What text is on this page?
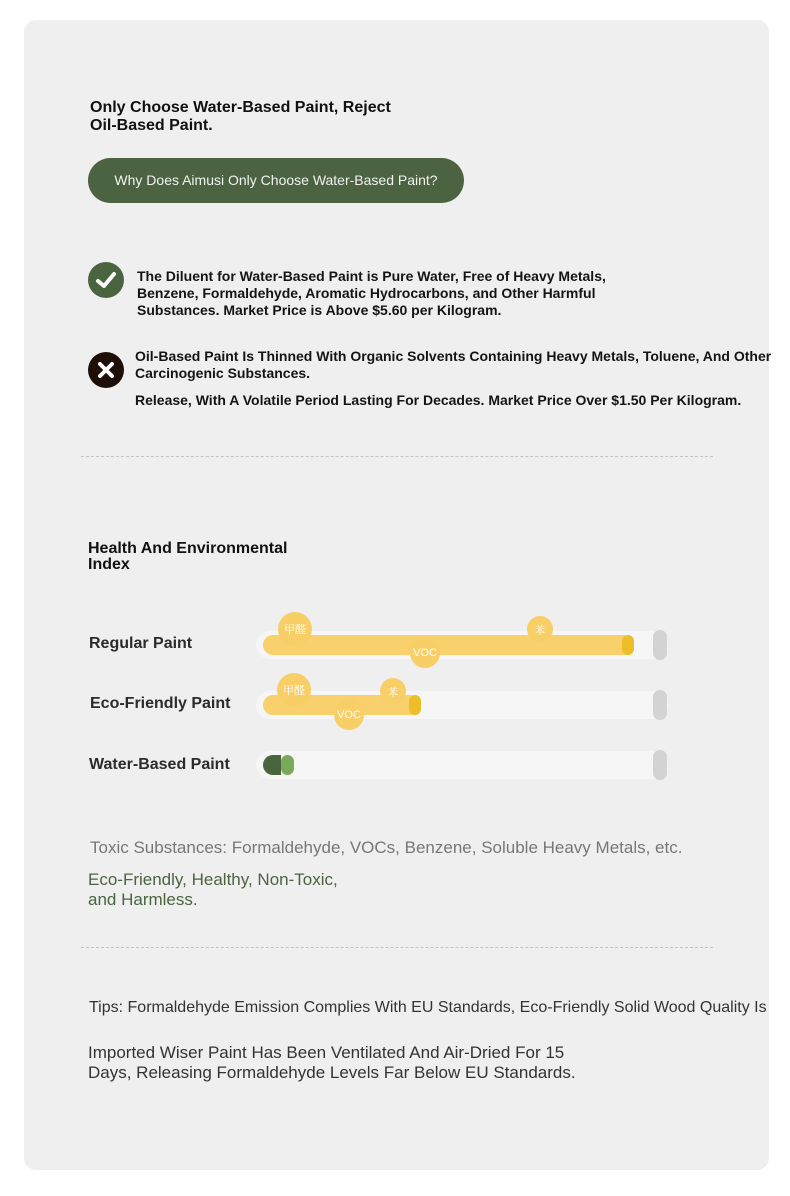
Only Choose Water-Based Paint, Reject Oil-Based Paint.
Why Does Aimusi Only Choose Water-Based Paint?
The Diluent for Water-Based Paint is Pure Water, Free of Heavy Metals, Benzene, Formaldehyde, Aromatic Hydrocarbons, and Other Harmful Substances. Market Price is Above $5.60 per Kilogram.
Oil-Based Paint Is Thinned With Organic Solvents Containing Heavy Metals, Toluene, And Other Carcinogenic Substances.
Release, With A Volatile Period Lasting For Decades. Market Price Over $1.50 Per Kilogram.
Health And Environmental Index
Regular Paint
甲醛	苯
VOC
Eco-Friendly Paint
甲醛	苯
VOC
Water-Based Paint
Toxic Substances: Formaldehyde, VOCs, Benzene, Soluble Heavy Metals, etc.
Eco-Friendly, Healthy, Non-Toxic, and Harmless.
Tips: Formaldehyde Emission Complies With EU Standards, Eco-Friendly Solid Wood Quality Is
Imported Wiser Paint Has Been Ventilated And Air-Dried For 15 Days, Releasing Formaldehyde Levels Far Below EU Standards.
